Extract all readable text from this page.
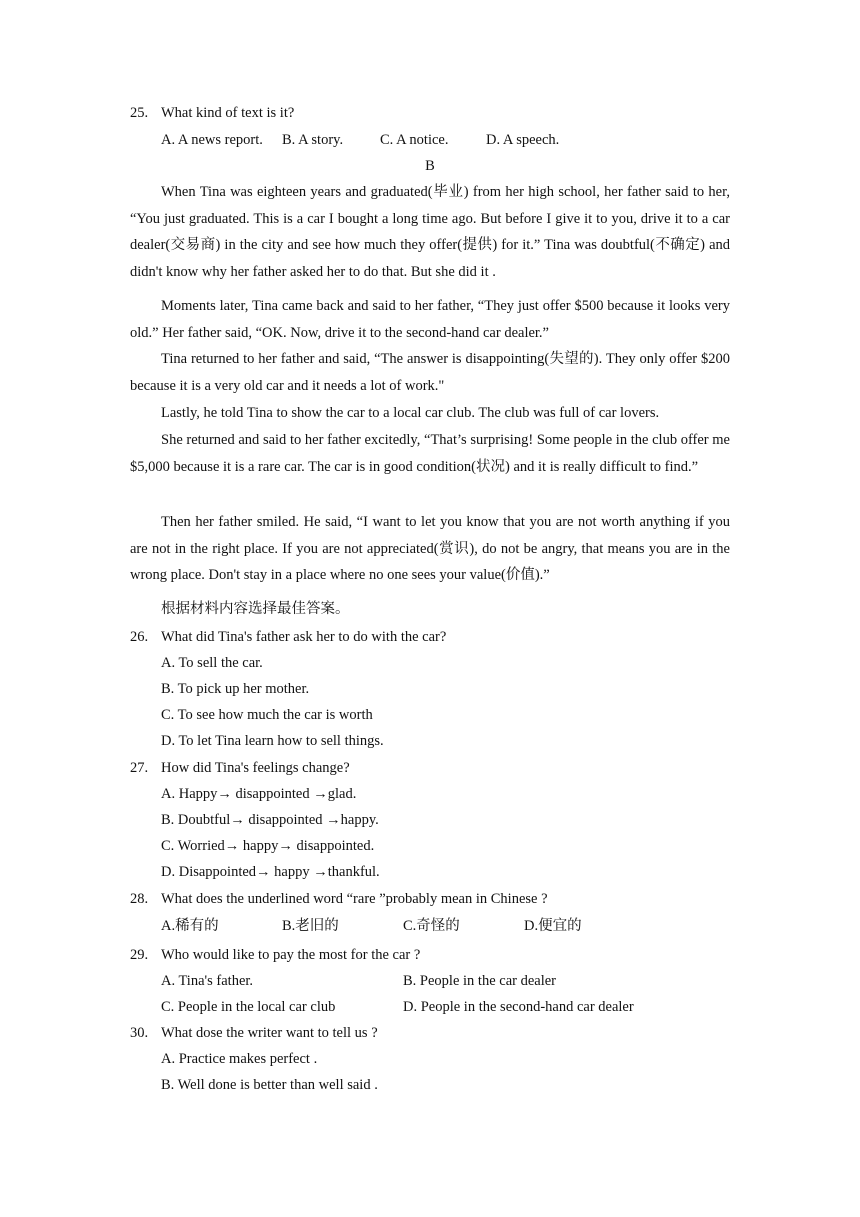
25. What kind of text is it?
A. A news report. B. A story.	C. A notice.	D. A speech.
B
When Tina was eighteen years and graduated(毕业) from her high school, her father said to her, “You just graduated. This is a car I bought a long time ago. But before I give it to you, drive it to a car dealer(交易商) in the city and see how much they offer(提供) for it.” Tina was doubtful(不确定) and didn't know why her father asked her to do that. But she did it .
Moments later, Tina came back and said to her father, “They just offer $500 because it looks very old.” Her father said, “OK. Now, drive it to the second-hand car dealer.”
Tina returned to her father and said, “The answer is disappointing(失望的). They only offer $200 because it is a very old car and it needs a lot of work."
Lastly, he told Tina to show the car to a local car club. The club was full of car lovers.
She returned and said to her father excitedly, “That’s surprising! Some people in the club offer me $5,000 because it is a rare car. The car is in good condition(状况) and it is really difficult to find.”
Then her father smiled. He said, “I want to let you know that you are not worth anything if you are not in the right place. If you are not appreciated(赏识), do not be angry, that means you are in the wrong place. Don't stay in a place where no one sees your value(价值).”
根据材料内容选择最佳答案。
26. What did Tina's father ask her to do with the car?
A. To sell the car.
B. To pick up her mother.
C. To see how much the car is worth
D. To let Tina learn how to sell things.
27. How did Tina's feelings change?
A. Happy→ disappointed →glad.
B. Doubtful→ disappointed →happy.
C. Worried→ happy→ disappointed.
D. Disappointed→ happy →thankful.
28. What does the underlined word “rare ”probably mean in Chinese ?
A.稀有的	B.老旧的	C.奇怪的	D.便宜的
29. Who would like to pay the most for the car ?
A. Tina's father.	B. People in the car dealer
C. People in the local car club	D. People in the second-hand car dealer
30. What dose the writer want to tell us ?
A. Practice makes perfect .
B. Well done is better than well said .
